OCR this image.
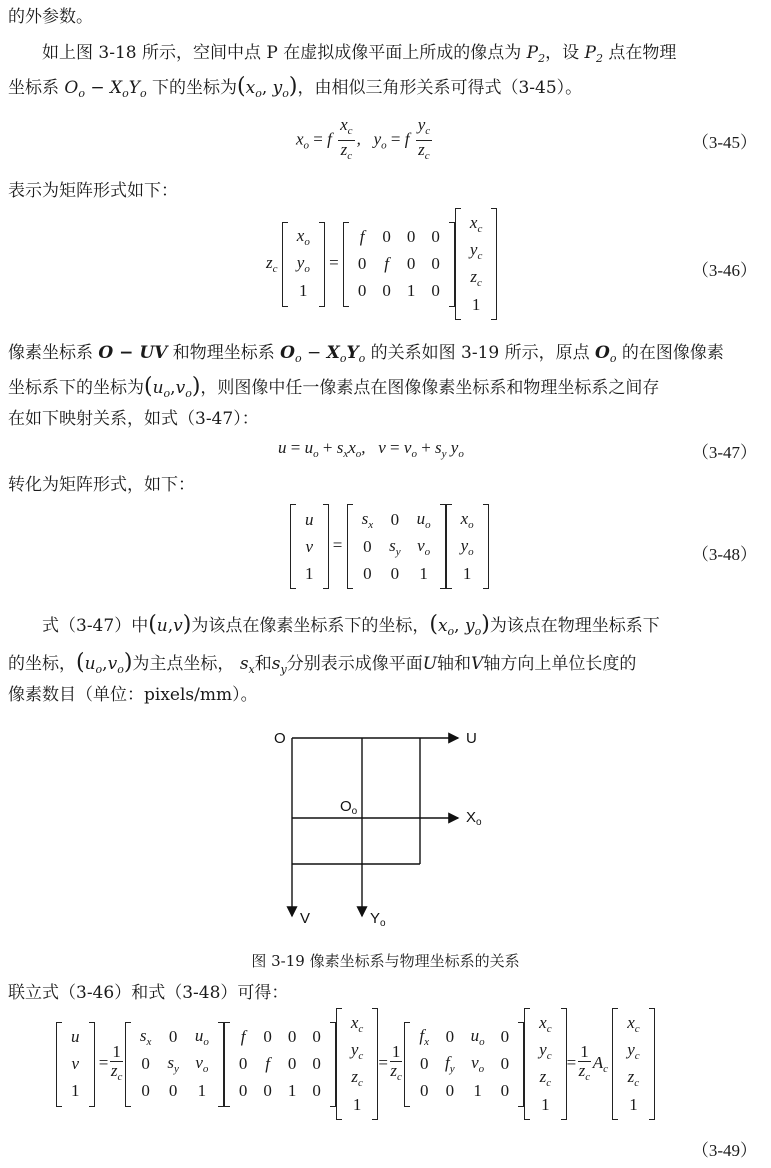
的外参数。
如上图 3-18 所示，空间中点 P 在虚拟成像平面上所成的像点为 $P_2$，设 $P_2$ 点在物理
坐标系 $O_o - X_oY_o$ 下的坐标为($x_o$, $y_o$)，由相似三角形关系可得式（3-45）。
$x_o = f \frac{x_c}{z_c}$ ,   $y_o = f \frac{y_c}{z_c}$	（3-45）
表示为矩阵形式如下：
$z_c$
$x_o$
$y_o$
1
=
f	0	0	0
0	f	0	0
0	0	1	0
$x_c$
$y_c$
$z_c$
1
（3-46）
像素坐标系 O − UV 和物理坐标系 $O_o - X_oY_o$ 的关系如图 3-19 所示，原点 $O_o$ 的在图像像素
坐标系下的坐标为$(u_o,v_o)$，则图像中任一像素点在图像像素坐标系和物理坐标系之间存
在如下映射关系，如式（3-47）：
$u = u_o + s_xx_o$,   $v = v_o + s_y$ $y_o$	（3-47）
转化为矩阵形式，如下：
u
v
1
=
$s_x$	0	$u_o$
0	$s_y$	$v_o$
0	0	1
$x_o$
$y_o$
1
（3-48）
式（3-47）中(u,v)为该点在像素坐标系下的坐标，($x_o$, $y_o$)为该点在物理坐标系下
的坐标，$(u_o,v_o)$为主点坐标， $s_x$和$s_y$分别表示成像平面U轴和V轴方向上单位长度的
像素数目（单位：pixels/mm）。
O	U
$O_o$	$X_o$
V	$Y_o$
图 3-19 像素坐标系与物理坐标系的关系
联立式（3-46）和式（3-48）可得：
u
v
1
= $\frac{1}{z_c}$
$s_x$	0	$u_o$
0	$s_y$	$v_o$
0	0	1
f	0	0	0
0	f	0	0
0	0	1	0
$x_c$
$y_c$
$z_c$
1
= $\frac{1}{z_c}$
$f_x$	0	$u_o$	0
0	$f_y$	$v_o$	0
0	0	1	0
$x_c$
$y_c$
$z_c$
1
= $\frac{1}{z_c} A_c$
$x_c$
$y_c$
$z_c$
1
（3-49）
